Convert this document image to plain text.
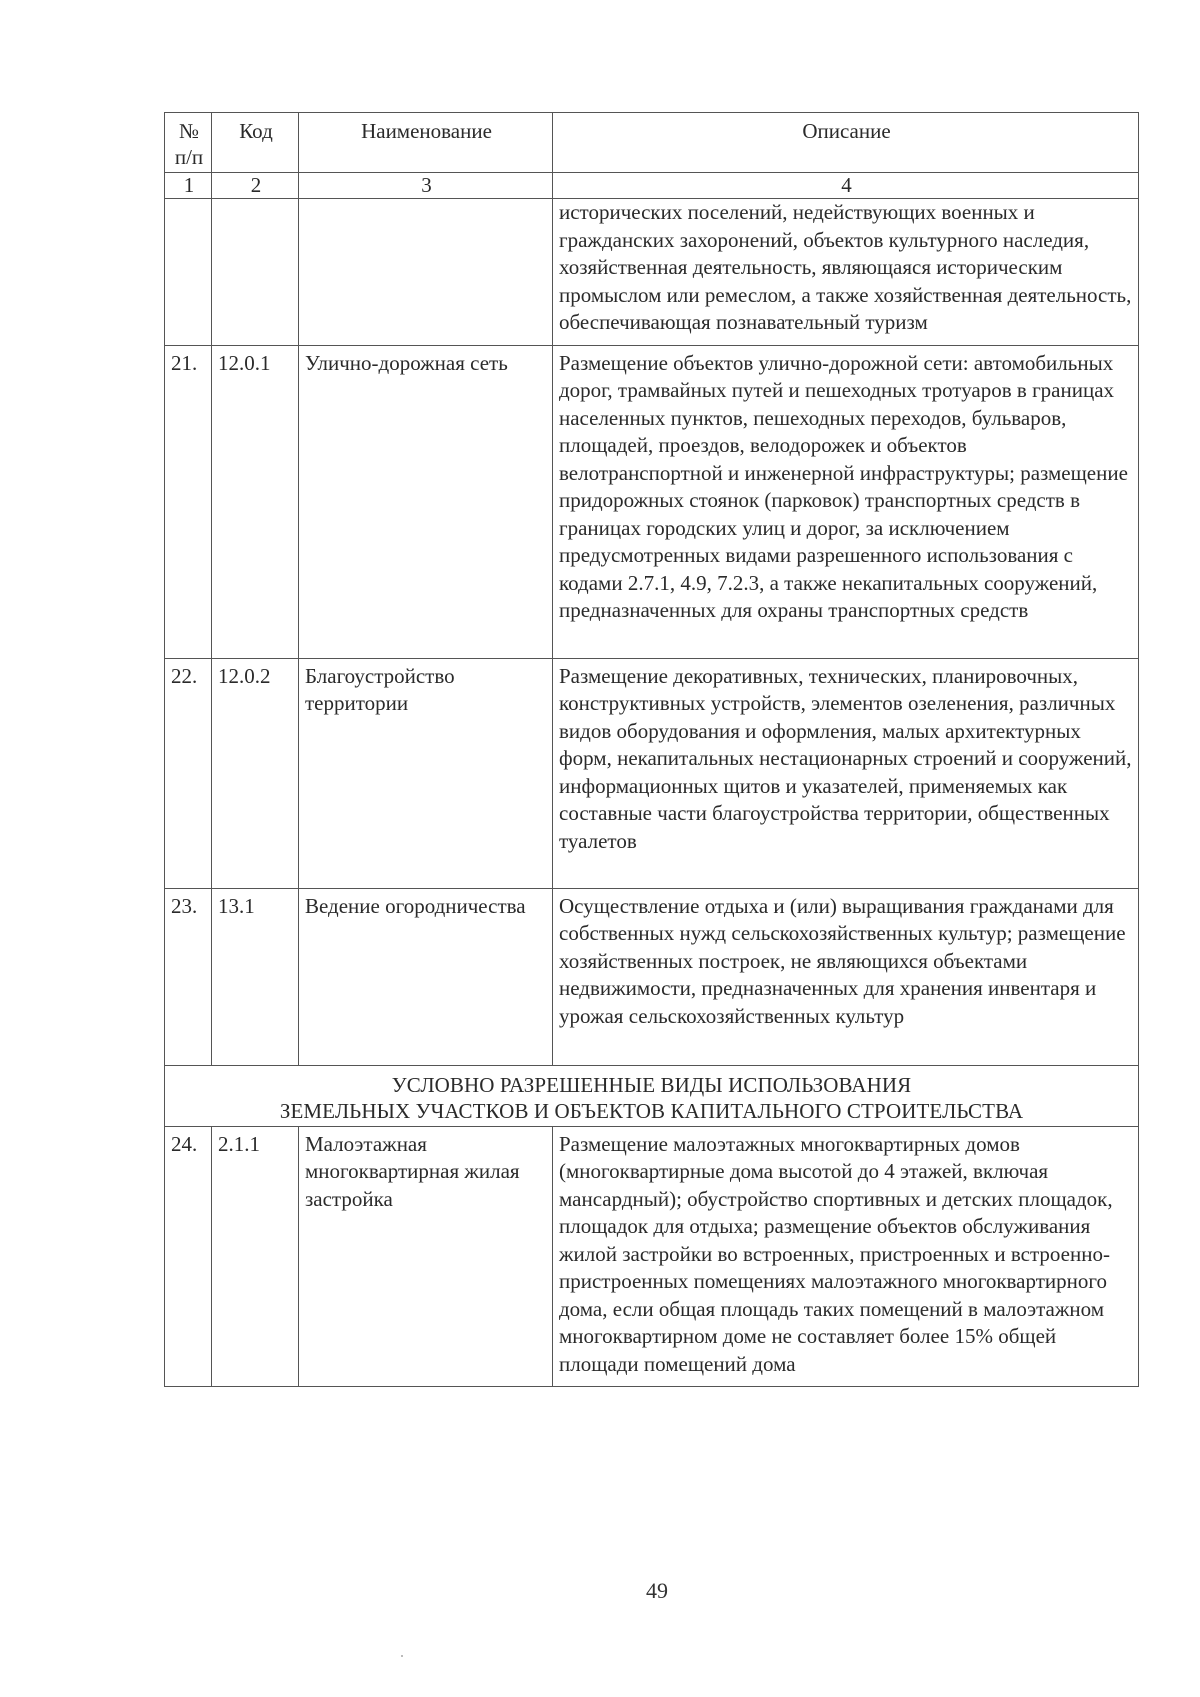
№ п/п	Код	Наименование	Описание
1	2	3	4
			исторических поселений, недействующих военных и гражданских захоронений, объектов культурного наследия, хозяйственная деятельность, являющаяся историческим промыслом или ремеслом, а также хозяйственная деятельность, обеспечивающая познавательный туризм
21.	12.0.1	Улично-дорожная сеть	Размещение объектов улично-дорожной сети: автомобильных дорог, трамвайных путей и пешеходных тротуаров в границах населенных пунктов, пешеходных переходов, бульваров, площадей, проездов, велодорожек и объектов велотранспортной и инженерной инфраструктуры; размещение придорожных стоянок (парковок) транспортных средств в границах городских улиц и дорог, за исключением предусмотренных видами разрешенного использования с кодами 2.7.1, 4.9, 7.2.3, а также некапитальных сооружений, предназначенных для охраны транспортных средств
22.	12.0.2	Благоустройство территории	Размещение декоративных, технических, планировочных, конструктивных устройств, элементов озеленения, различных видов оборудования и оформления, малых архитектурных форм, некапитальных нестационарных строений и сооружений, информационных щитов и указателей, применяемых как составные части благоустройства территории, общественных туалетов
23.	13.1	Ведение огородничества	Осуществление отдыха и (или) выращивания гражданами для собственных нужд сельскохозяйственных культур; размещение хозяйственных построек, не являющихся объектами недвижимости, предназначенных для хранения инвентаря и урожая сельскохозяйственных культур

УСЛОВНО РАЗРЕШЕННЫЕ ВИДЫ ИСПОЛЬЗОВАНИЯ
ЗЕМЕЛЬНЫХ УЧАСТКОВ И ОБЪЕКТОВ КАПИТАЛЬНОГО СТРОИТЕЛЬСТВА			

24.	2.1.1	Малоэтажная многоквартирная жилая застройка	Размещение малоэтажных многоквартирных домов (многоквартирные дома высотой до 4 этажей, включая мансардный); обустройство спортивных и детских площадок, площадок для отдыха; размещение объектов обслуживания жилой застройки во встроенных, пристроенных и встроенно-пристроенных помещениях малоэтажного многоквартирного дома, если общая площадь таких помещений в малоэтажном многоквартирном доме не составляет более 15% общей площади помещений дома
49
